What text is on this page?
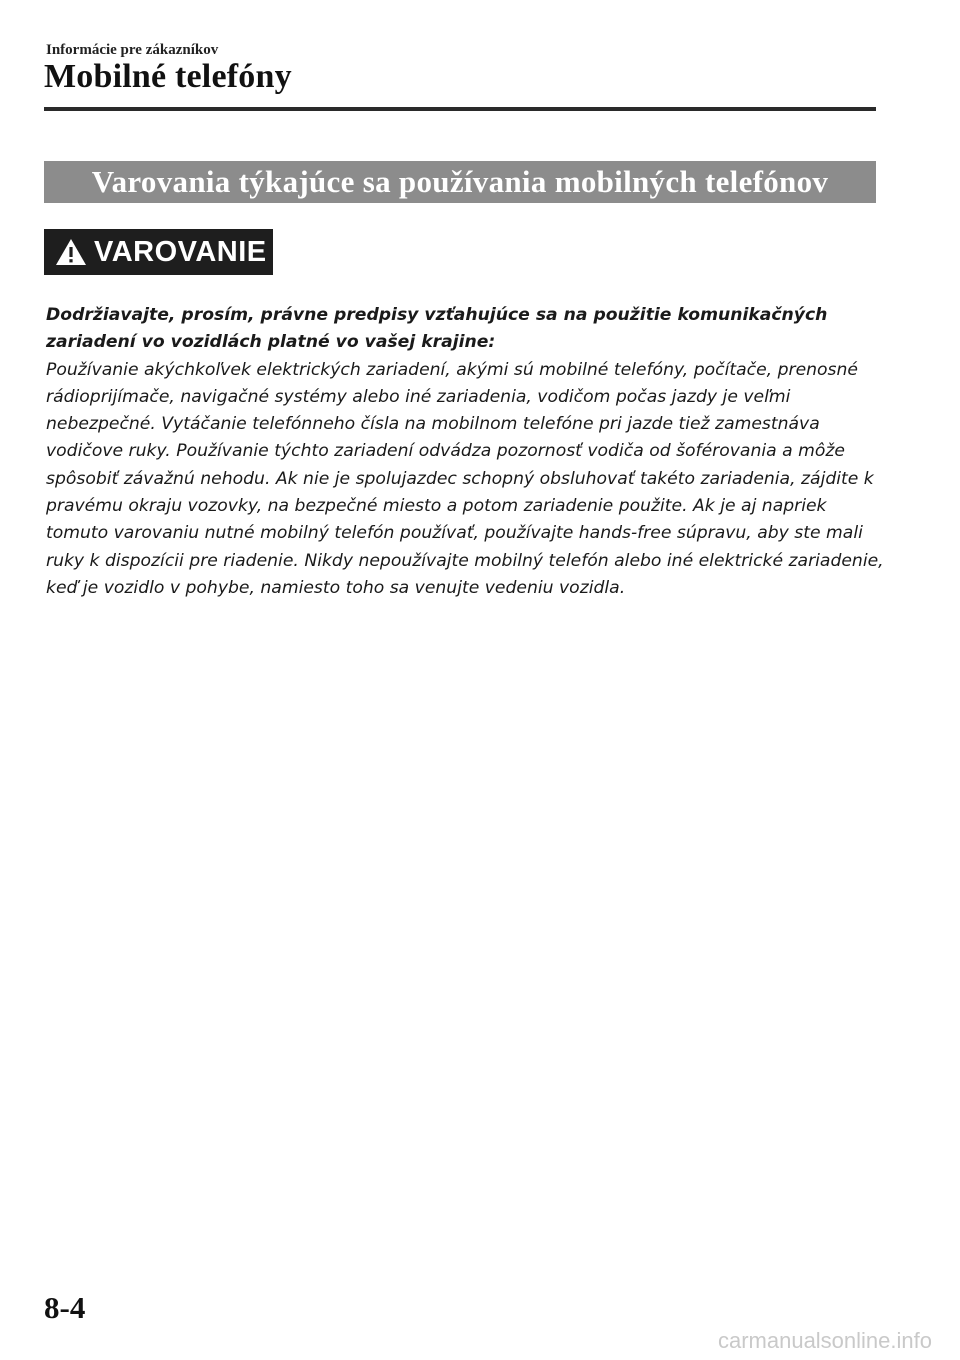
Informácie pre zákazníkov
Mobilné telefóny
Varovania týkajúce sa používania mobilných telefónov
VAROVANIE

Dodržiavajte, prosím, právne predpisy vzťahujúce sa na použitie komunikačných zariadení vo vozidlách platné vo vašej krajine:

Používanie akýchkoľvek elektrických zariadení, akými sú mobilné telefóny, počítače, prenosné rádioprijímače, navigačné systémy alebo iné zariadenia, vodičom počas jazdy je veľmi nebezpečné. Vytáčanie telefónneho čísla na mobilnom telefóne pri jazde tiež zamestnáva vodičove ruky. Používanie týchto zariadení odvádza pozornosť vodiča od šoférovania a môže spôsobiť závažnú nehodu. Ak nie je spolujazdec schopný obsluhovať takéto zariadenia, zájdite k pravému okraju vozovky, na bezpečné miesto a potom zariadenie použite. Ak je aj napriek tomuto varovaniu nutné mobilný telefón používať, používajte hands-free súpravu, aby ste mali ruky k dispozícii pre riadenie. Nikdy nepoužívajte mobilný telefón alebo iné elektrické zariadenie, keď je vozidlo v pohybe, namiesto toho sa venujte vedeniu vozidla.

8-4
carmanualsonline.info
